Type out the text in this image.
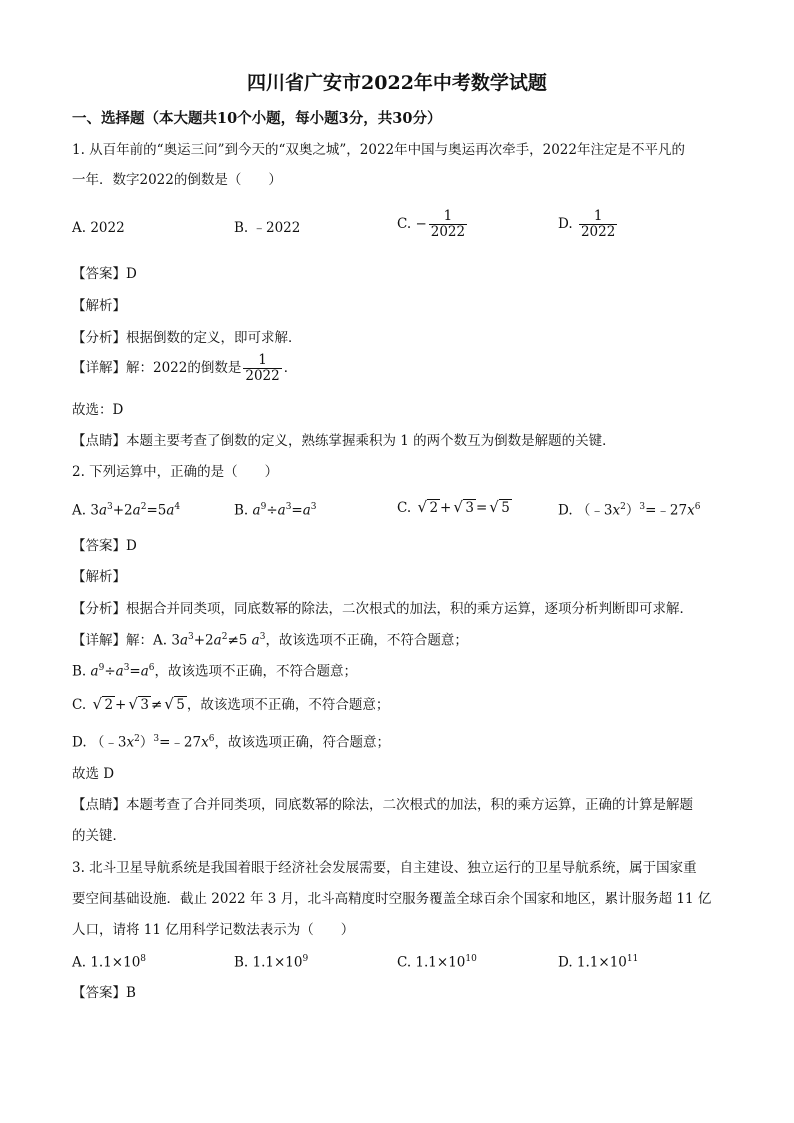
四川省广安市2022年中考数学试题
一、选择题（本大题共10个小题，每小题3分，共30分）
1. 从百年前的“奥运三问”到今天的“双奥之城”，2022年中国与奥运再次牵手，2022年注定是不平凡的
一年．数字2022的倒数是（　　）
A. 2022	B. ﹣2022	C. − $\frac{1}{2022}$	D. $\frac{1}{2022}$
【答案】D
【解析】
【分析】根据倒数的定义，即可求解．
【详解】解：2022的倒数是 $\frac{1}{2022}$ ．
故选：D
【点睛】本题主要考查了倒数的定义，熟练掌握乘积为 1 的两个数互为倒数是解题的关键．
2. 下列运算中，正确的是（　　）
A. $3a^3+2a^2=5a^4$	B. $a^9\div a^3=a^3$	C. √ 2 + √ 3 = √ 5	D. $(﹣3x^2)^3=﹣27x^6$
【答案】D
【解析】
【分析】根据合并同类项，同底数幂的除法，二次根式的加法，积的乘方运算，逐项分析判断即可求解．
【详解】解：A. $3a^3+2a^2\ne 5$ $a^3$，故该选项不正确，不符合题意；
B. $a^9\div a^3=a^6$，故该选项不正确，不符合题意；
C. √ 2 + √ 3 ≠ √ 5 ，故该选项不正确，不符合题意；
D. $(﹣3x^2)^3=﹣27x^6$，故该选项正确，符合题意；
故选 D
【点睛】本题考查了合并同类项，同底数幂的除法，二次根式的加法，积的乘方运算，正确的计算是解题
的关键．
3. 北斗卫星导航系统是我国着眼于经济社会发展需要，自主建设、独立运行的卫星导航系统，属于国家重
要空间基础设施．截止 2022 年 3 月，北斗高精度时空服务覆盖全球百余个国家和地区，累计服务超 11 亿
人口，请将 11 亿用科学记数法表示为（　　）
A. $1.1\times 10^8$	B. $1.1\times 10^9$	C. $1.1\times 10^{10}$	D. $1.1\times 10^{11}$
【答案】B
